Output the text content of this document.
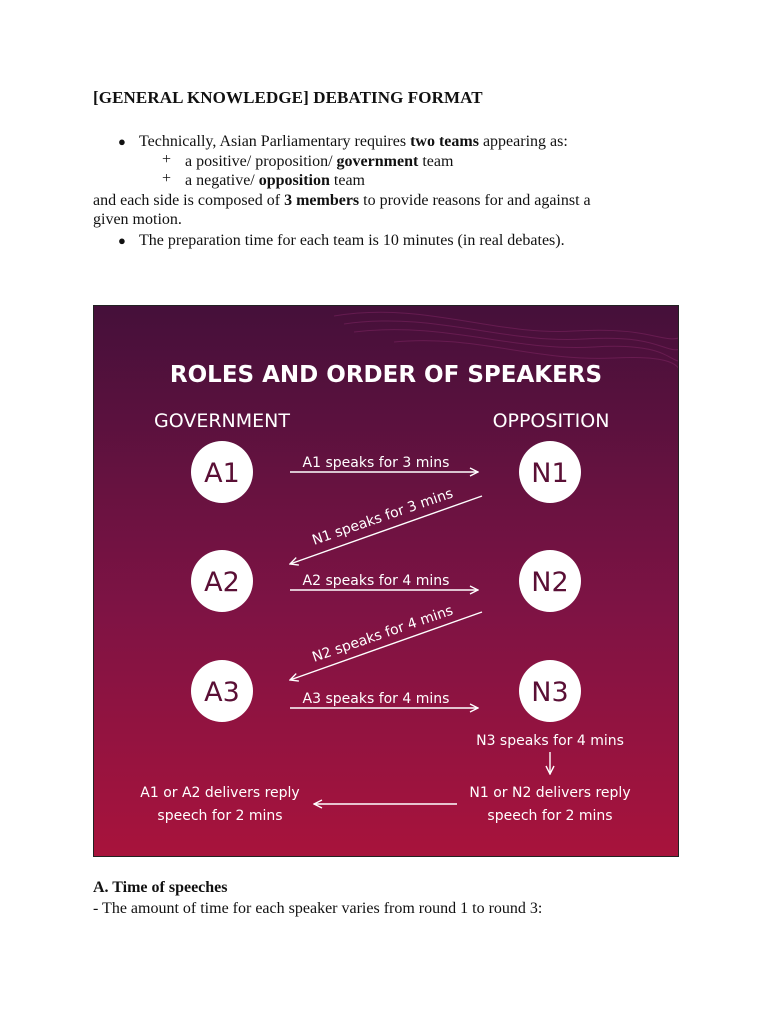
[GENERAL KNOWLEDGE] DEBATING FORMAT
● Technically, Asian Parliamentary requires two teams appearing as:
+ a positive/ proposition/ government team
+ a negative/ opposition team
and each side is composed of 3 members to provide reasons for and against a
given motion.
● The preparation time for each team is 10 minutes (in real debates).
ROLES AND ORDER OF SPEAKERS
GOVERNMENT	OPPOSITION
A1
A2
A3
N1
N2
N3
A1 speaks for 3 mins
N1 speaks for 3 mins
A2 speaks for 4 mins
N2 speaks for 4 mins
A3 speaks for 4 mins
N3 speaks for 4 mins
N1 or N2 delivers reply
speech for 2 mins
A1 or A2 delivers reply
speech for 2 mins
A. Time of speeches
- The amount of time for each speaker varies from round 1 to round 3:
